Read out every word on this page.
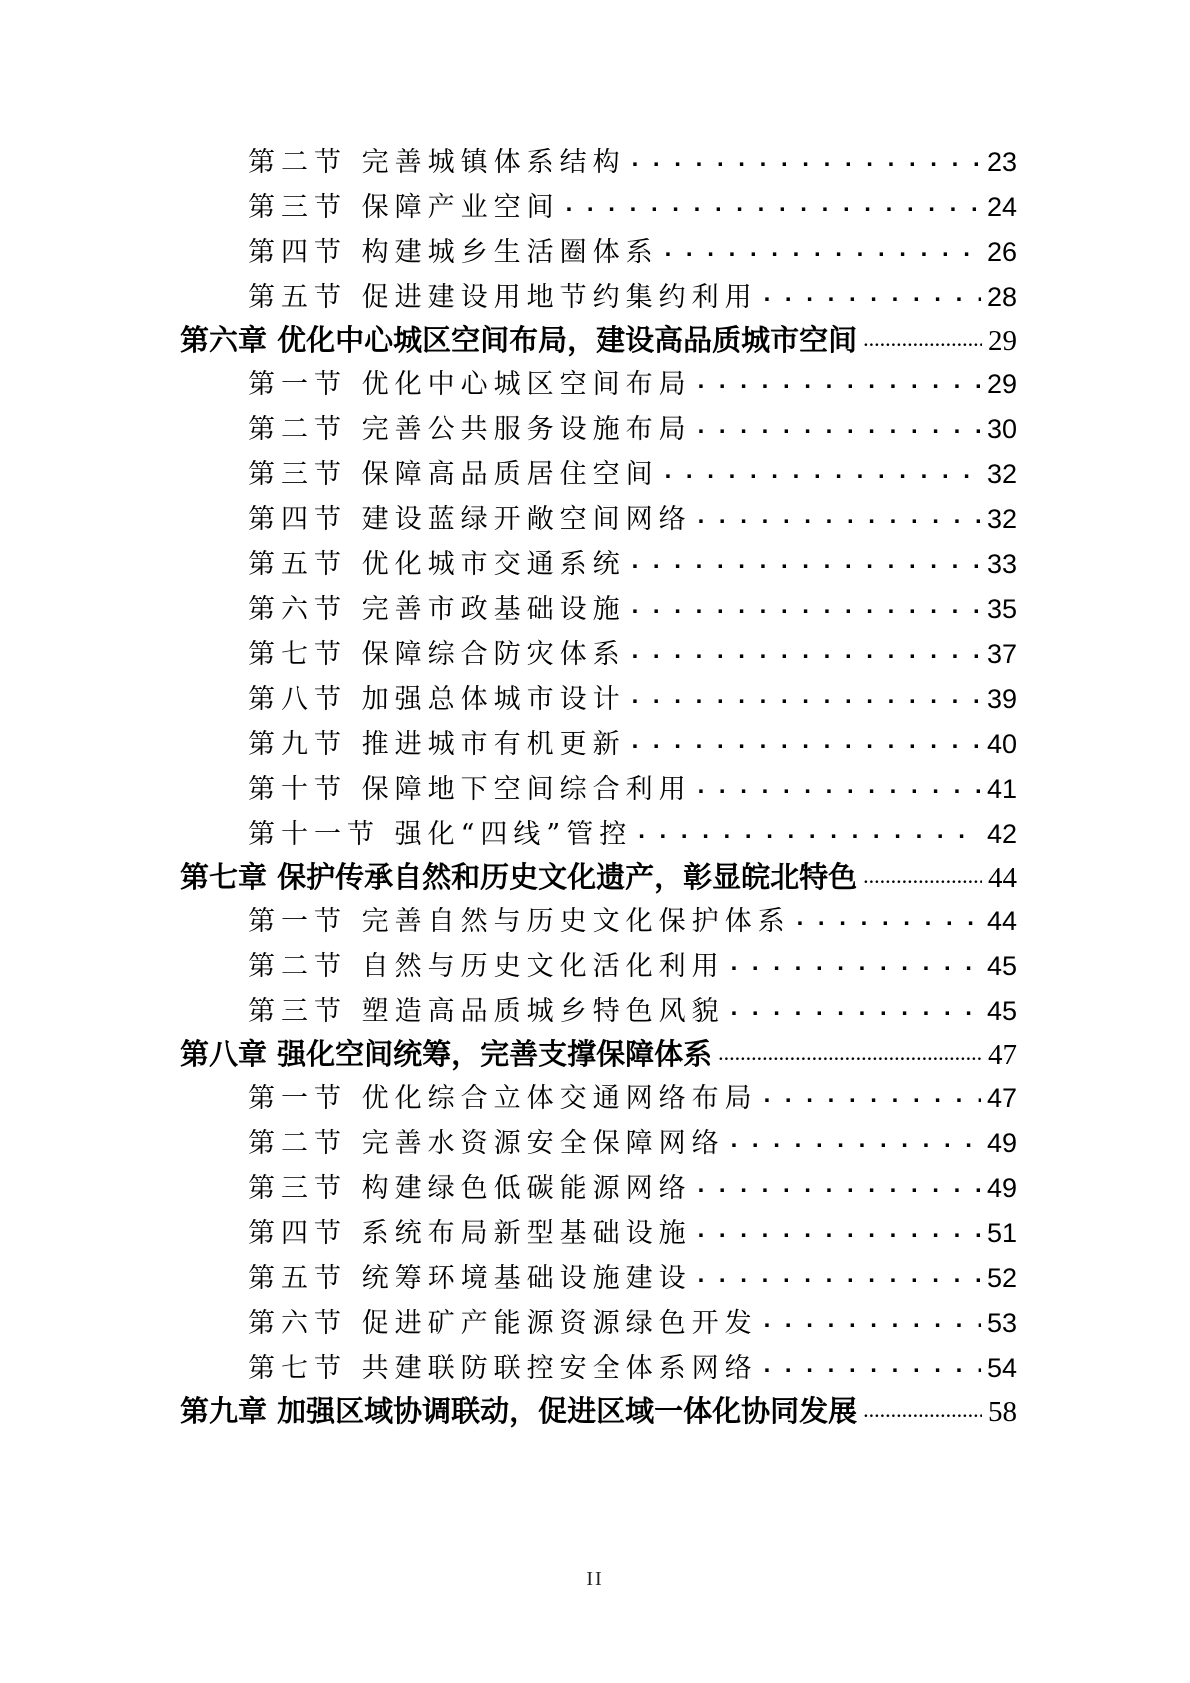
第二节 完善城镇体系结构 . . .	23
第三节 保障产业空间 . . .	24
第四节 构建城乡生活圈体系 . . .	26
第五节 促进建设用地节约集约利用 . . .	28
第六章 优化中心城区空间布局，建设高品质城市空间 .....	29
第一节 优化中心城区空间布局 . . .	29
第二节 完善公共服务设施布局 . . .	30
第三节 保障高品质居住空间 . . .	32
第四节 建设蓝绿开敞空间网络 . . .	32
第五节 优化城市交通系统 . . .	33
第六节 完善市政基础设施 . . .	35
第七节 保障综合防灾体系 . . .	37
第八节 加强总体城市设计 . . .	39
第九节 推进城市有机更新 . . .	40
第十节 保障地下空间综合利用 . . .	41
第十一节 强化“四线”管控 . . .	42
第七章 保护传承自然和历史文化遗产，彰显皖北特色 .....	44
第一节 完善自然与历史文化保护体系 . . .	44
第二节 自然与历史文化活化利用 . . .	45
第三节 塑造高品质城乡特色风貌 . . .	45
第八章 强化空间统筹，完善支撑保障体系 .....	47
第一节 优化综合立体交通网络布局 . . .	47
第二节 完善水资源安全保障网络 . . .	49
第三节 构建绿色低碳能源网络 . . .	49
第四节 系统布局新型基础设施 . . .	51
第五节 统筹环境基础设施建设 . . .	52
第六节 促进矿产能源资源绿色开发 . . .	53
第七节 共建联防联控安全体系网络 . . .	54
第九章 加强区域协调联动，促进区域一体化协同发展 .....	58
II
